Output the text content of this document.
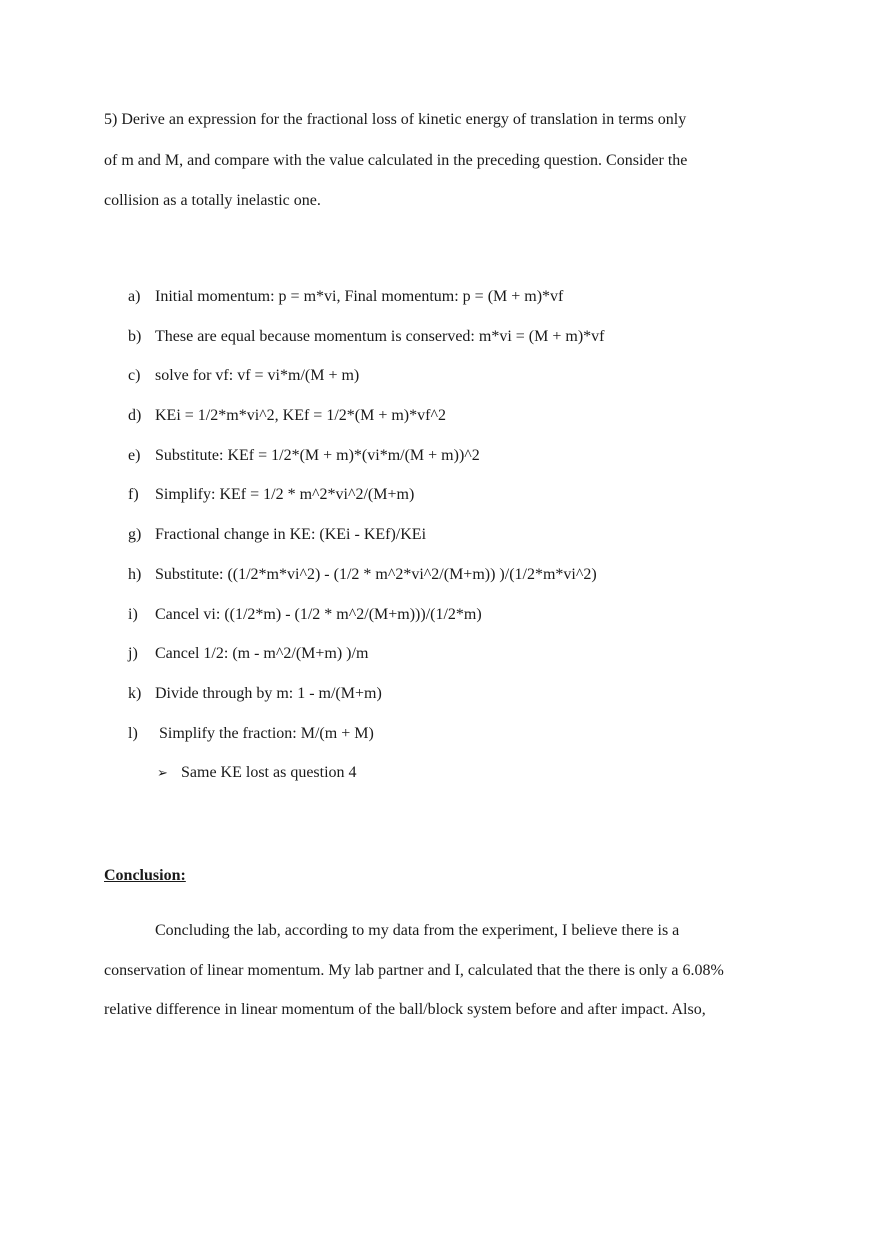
5) Derive an expression for the fractional loss of kinetic energy of translation in terms only
of m and M, and compare with the value calculated in the preceding question. Consider the
collision as a totally inelastic one.

a) Initial momentum: p = m*vi, Final momentum: p = (M + m)*vf
b) These are equal because momentum is conserved: m*vi = (M + m)*vf
c) solve for vf: vf = vi*m/(M + m)
d) KEi = 1/2*m*vi^2, KEf = 1/2*(M + m)*vf^2
e) Substitute: KEf = 1/2*(M + m)*(vi*m/(M + m))^2
f) Simplify: KEf = 1/2 * m^2*vi^2/(M+m)
g) Fractional change in KE: (KEi - KEf)/KEi
h) Substitute: ((1/2*m*vi^2) - (1/2 * m^2*vi^2/(M+m)) )/(1/2*m*vi^2)
i) Cancel vi: ((1/2*m) - (1/2 * m^2/(M+m)))/(1/2*m)
j) Cancel 1/2: (m - m^2/(M+m) )/m
k) Divide through by m: 1 - m/(M+m)
l) Simplify the fraction: M/(m + M)
➢ Same KE lost as question 4
Conclusion:

Concluding the lab, according to my data from the experiment, I believe there is a
conservation of linear momentum. My lab partner and I, calculated that the there is only a 6.08%
relative difference in linear momentum of the ball/block system before and after impact. Also,
